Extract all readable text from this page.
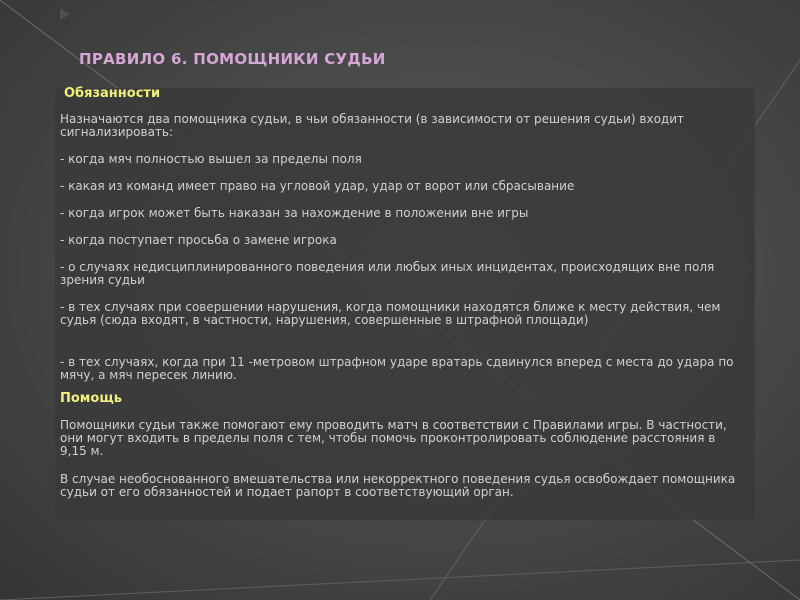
ПРАВИЛО 6. ПОМОЩНИКИ СУДЬИ
Обязанности
Назначаются два помощника судьи, в чьи обязанности (в зависимости от решения судьи) входит сигнализировать:
- когда мяч полностью вышел за пределы поля
- какая из команд имеет право на угловой удар, удар от ворот или сбрасывание
- когда игрок может быть наказан за нахождение в положении вне игры
- когда поступает просьба о замене игрока
- о случаях недисциплинированного поведения или любых иных инцидентах, происходящих вне поля зрения судьи
- в тех случаях при совершении нарушения, когда помощники находятся ближе к месту действия, чем судья (сюда входят, в частности, нарушения, совершенные в штрафной площади)
- в тех случаях, когда при 11 -метровом штрафном ударе вратарь сдвинулся вперед с места до удара по мячу, а мяч пересек линию.
Помощь
Помощники судьи также помогают ему проводить матч в соответствии с Правилами игры. В частности, они могут входить в пределы поля с тем, чтобы помочь проконтролировать соблюдение расстояния в 9,15 м.
В случае необоснованного вмешательства или некорректного поведения судья освобождает помощника судьи от его обязанностей и подает рапорт в соответствующий орган.
